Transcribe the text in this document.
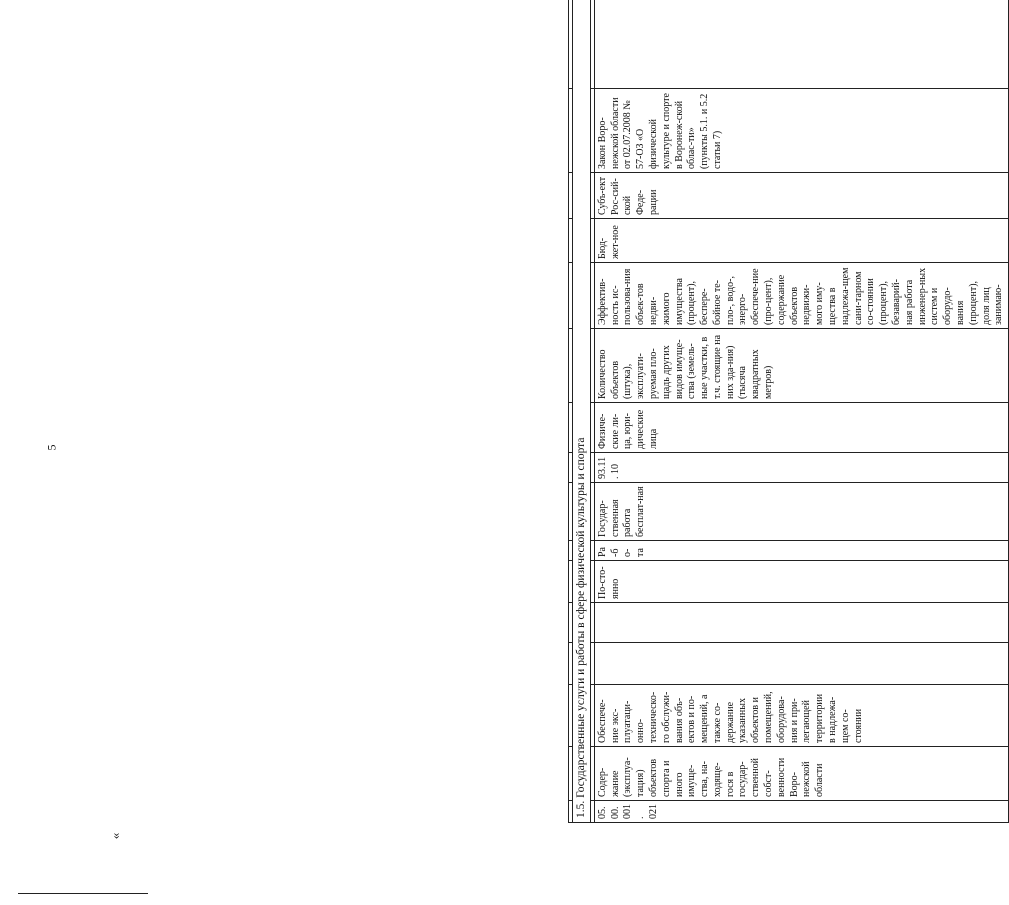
5
«

1.5. Государственные услуги и работы в сфере физической культуры и спорта															

05.00. 001. 021	Содер-жание (эксплуа-тация) объектов спорта и иного имуще-ства, на-ходяще-гося в государ-ственной собст-венности Воро-нежской области	Обеспече-ние экс-плуатаци-онно-техническо-го обслужи-вания объ-ектов и по-мещений, а также со-держание указанных объектов и помещений, оборудова-ния и при-легающей территории в надлежа-щем со-стоянии			По-сто-янно	Ра-бо-та	Государ-ственная работа бесплат-ная	93.11. 10	Физиче-ские ли-ца, юри-дические лица	Количество объектов (штука), эксплуати-руемая пло-щадь других видов имуще-ства (земель-ные участки, в т.ч. стоящие на них зда-ния) (тысяча квадратных метров)	Эффектив-ность ис-пользова-ния объек-тов недви-жимого имущества (процент), беспере-бойное те-пло-, водо-, энерго-обеспече-ние (про-цент), содержание объектов недвижи-мого иму-щества в надлежа-щем сани-тарном со-стоянии (процент), безаварий-ная работа инженер-ных систем и оборудо-вания (процент), доля лиц занимаю-	Бюд-жет-ное	Субъ-ект Рос-сий-ской Феде-рации	Закон Воро-нежской области от 02.07.2008 № 57-ОЗ «О физической культуре и спорте в Воронеж-ской облас-ти» (пункты 5.1. и 5.2 статьи 7)	
